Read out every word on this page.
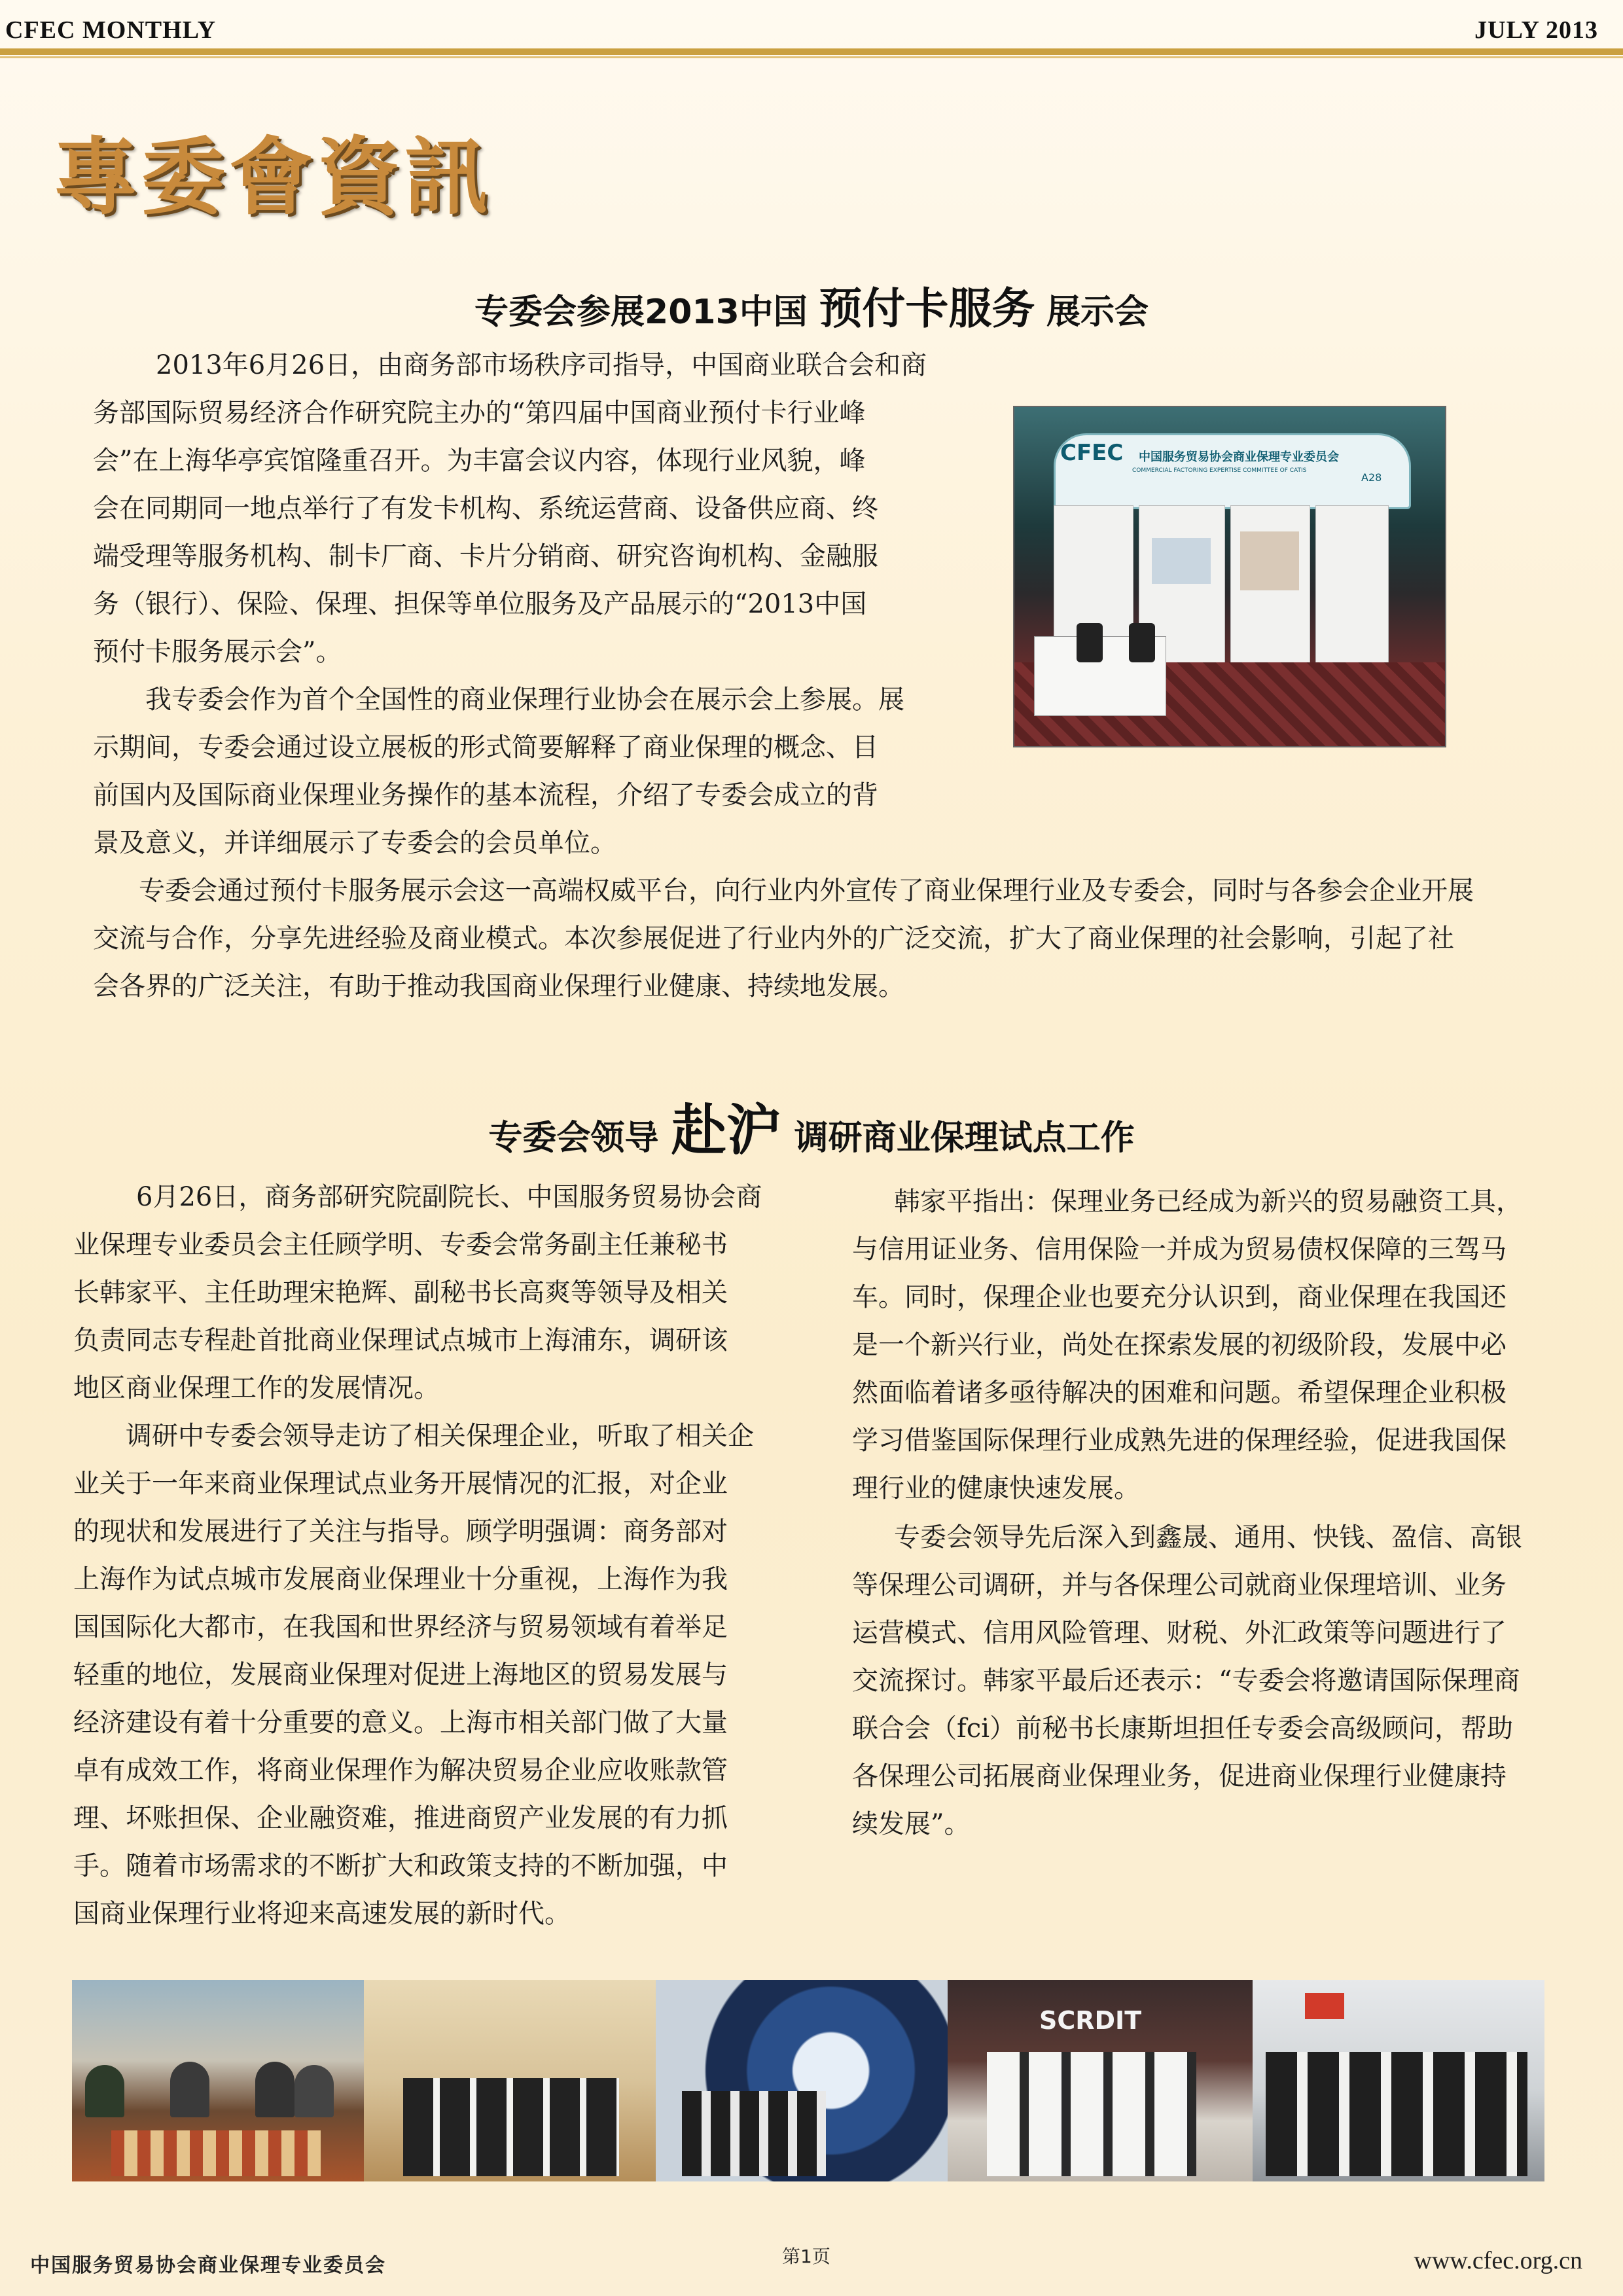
CFEC MONTHLY	JULY 2013
專委會資訊
专委会参展2013中国 预付卡服务 展示会
2013年6月26日，由商务部市场秩序司指导，中国商业联合会和商
务部国际贸易经济合作研究院主办的“第四届中国商业预付卡行业峰
会”在上海华亭宾馆隆重召开。为丰富会议内容，体现行业风貌，峰
会在同期同一地点举行了有发卡机构、系统运营商、设备供应商、终
端受理等服务机构、制卡厂商、卡片分销商、研究咨询机构、金融服
务（银行）、保险、保理、担保等单位服务及产品展示的“2013中国
预付卡服务展示会”。
我专委会作为首个全国性的商业保理行业协会在展示会上参展。展
示期间，专委会通过设立展板的形式简要解释了商业保理的概念、目
前国内及国际商业保理业务操作的基本流程，介绍了专委会成立的背
景及意义，并详细展示了专委会的会员单位。
CFEC 中国服务贸易协会商业保理专业委员会
COMMERCIAL FACTORING EXPERTISE COMMITTEE OF CATIS
A28
专委会通过预付卡服务展示会这一高端权威平台，向行业内外宣传了商业保理行业及专委会，同时与各参会企业开展
交流与合作，分享先进经验及商业模式。本次参展促进了行业内外的广泛交流，扩大了商业保理的社会影响，引起了社
会各界的广泛关注，有助于推动我国商业保理行业健康、持续地发展。
专委会领导 赴沪 调研商业保理试点工作
6月26日，商务部研究院副院长、中国服务贸易协会商
业保理专业委员会主任顾学明、专委会常务副主任兼秘书
长韩家平、主任助理宋艳辉、副秘书长高爽等领导及相关
负责同志专程赴首批商业保理试点城市上海浦东，调研该
地区商业保理工作的发展情况。
调研中专委会领导走访了相关保理企业，听取了相关企
业关于一年来商业保理试点业务开展情况的汇报，对企业
的现状和发展进行了关注与指导。顾学明强调：商务部对
上海作为试点城市发展商业保理业十分重视，上海作为我
国国际化大都市，在我国和世界经济与贸易领域有着举足
轻重的地位，发展商业保理对促进上海地区的贸易发展与
经济建设有着十分重要的意义。上海市相关部门做了大量
卓有成效工作，将商业保理作为解决贸易企业应收账款管
理、坏账担保、企业融资难，推进商贸产业发展的有力抓
手。随着市场需求的不断扩大和政策支持的不断加强，中
国商业保理行业将迎来高速发展的新时代。
韩家平指出：保理业务已经成为新兴的贸易融资工具，
与信用证业务、信用保险一并成为贸易债权保障的三驾马
车。同时，保理企业也要充分认识到，商业保理在我国还
是一个新兴行业，尚处在探索发展的初级阶段，发展中必
然面临着诸多亟待解决的困难和问题。希望保理企业积极
学习借鉴国际保理行业成熟先进的保理经验，促进我国保
理行业的健康快速发展。
专委会领导先后深入到鑫晟、通用、快钱、盈信、高银
等保理公司调研，并与各保理公司就商业保理培训、业务
运营模式、信用风险管理、财税、外汇政策等问题进行了
交流探讨。韩家平最后还表示：“专委会将邀请国际保理商
联合会（fci）前秘书长康斯坦担任专委会高级顾问，帮助
各保理公司拓展商业保理业务，促进商业保理行业健康持
续发展”。
SCRDIT
中国服务贸易协会商业保理专业委员会	第1页	www.cfec.org.cn
